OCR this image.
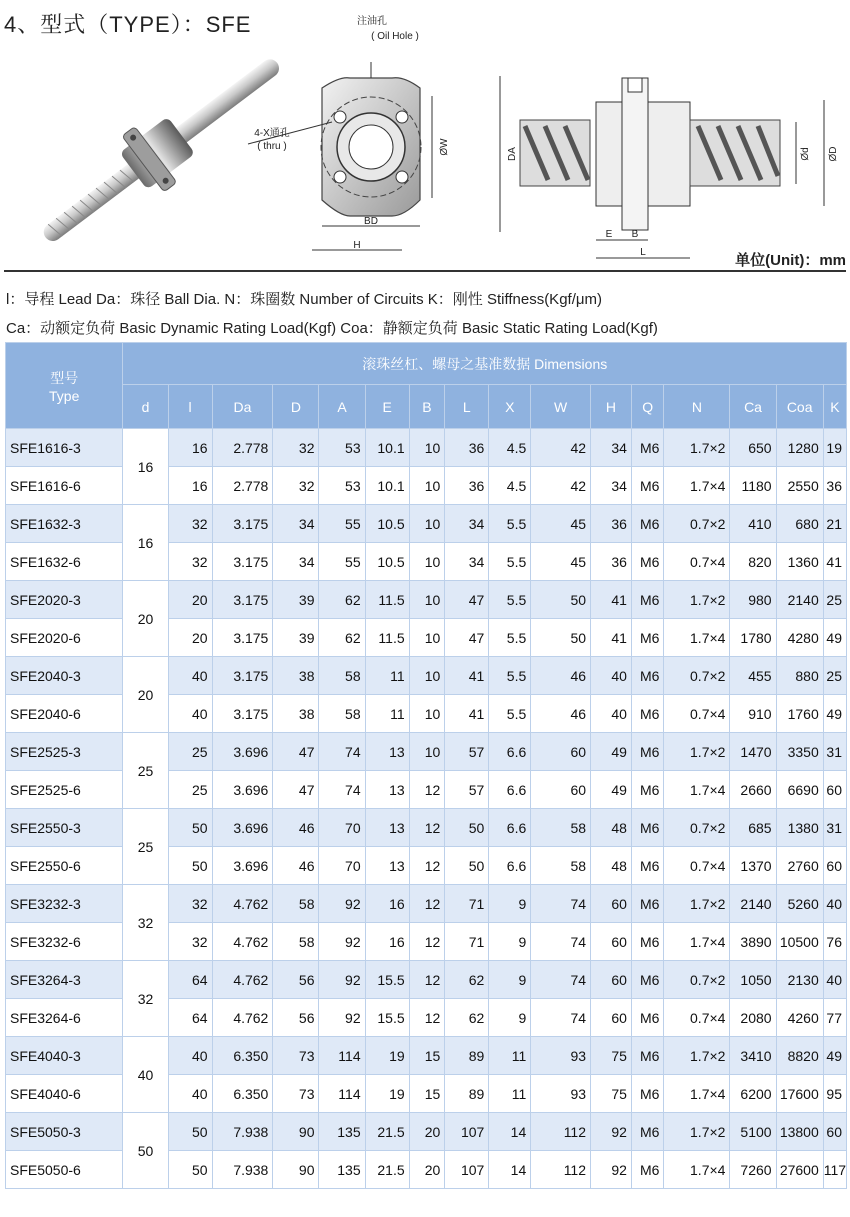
4、型式（TYPE）：SFE	注油孔
( Oil Hole )
4-X通孔
( thru )	ØW
BD
H
DA	Ød ØD
E B
L	单位(Unit)：mm
l：导程 Lead Da：珠径 Ball Dia. N：珠圈数 Number of Circuits K：刚性 Stiffness(Kgf/μm)
Ca：动额定负荷 Basic Dynamic Rating Load(Kgf) Coa：静额定负荷 Basic Static Rating Load(Kgf)
型号
Type	滚珠丝杠、螺母之基准数据 Dimensions															
	d	l	Da	D	A	E	B	L	X	W	H	Q	N	Ca	Coa	K
SFE1616-3	16	16	2.778	32	53	10.1	10	36	4.5	42	34	M6	1.7×2	650	1280	19
SFE1616-6		16	2.778	32	53	10.1	10	36	4.5	42	34	M6	1.7×4	1180	2550	36
SFE1632-3	16	32	3.175	34	55	10.5	10	34	5.5	45	36	M6	0.7×2	410	680	21
SFE1632-6		32	3.175	34	55	10.5	10	34	5.5	45	36	M6	0.7×4	820	1360	41
SFE2020-3	20	20	3.175	39	62	11.5	10	47	5.5	50	41	M6	1.7×2	980	2140	25
SFE2020-6		20	3.175	39	62	11.5	10	47	5.5	50	41	M6	1.7×4	1780	4280	49
SFE2040-3	20	40	3.175	38	58	11	10	41	5.5	46	40	M6	0.7×2	455	880	25
SFE2040-6		40	3.175	38	58	11	10	41	5.5	46	40	M6	0.7×4	910	1760	49
SFE2525-3	25	25	3.696	47	74	13	10	57	6.6	60	49	M6	1.7×2	1470	3350	31
SFE2525-6		25	3.696	47	74	13	12	57	6.6	60	49	M6	1.7×4	2660	6690	60
SFE2550-3	25	50	3.696	46	70	13	12	50	6.6	58	48	M6	0.7×2	685	1380	31
SFE2550-6		50	3.696	46	70	13	12	50	6.6	58	48	M6	0.7×4	1370	2760	60
SFE3232-3	32	32	4.762	58	92	16	12	71	9	74	60	M6	1.7×2	2140	5260	40
SFE3232-6		32	4.762	58	92	16	12	71	9	74	60	M6	1.7×4	3890	10500	76
SFE3264-3	32	64	4.762	56	92	15.5	12	62	9	74	60	M6	0.7×2	1050	2130	40
SFE3264-6		64	4.762	56	92	15.5	12	62	9	74	60	M6	0.7×4	2080	4260	77
SFE4040-3	40	40	6.350	73	114	19	15	89	11	93	75	M6	1.7×2	3410	8820	49
SFE4040-6		40	6.350	73	114	19	15	89	11	93	75	M6	1.7×4	6200	17600	95
SFE5050-3	50	50	7.938	90	135	21.5	20	107	14	112	92	M6	1.7×2	5100	13800	60
SFE5050-6		50	7.938	90	135	21.5	20	107	14	112	92	M6	1.7×4	7260	27600	117
